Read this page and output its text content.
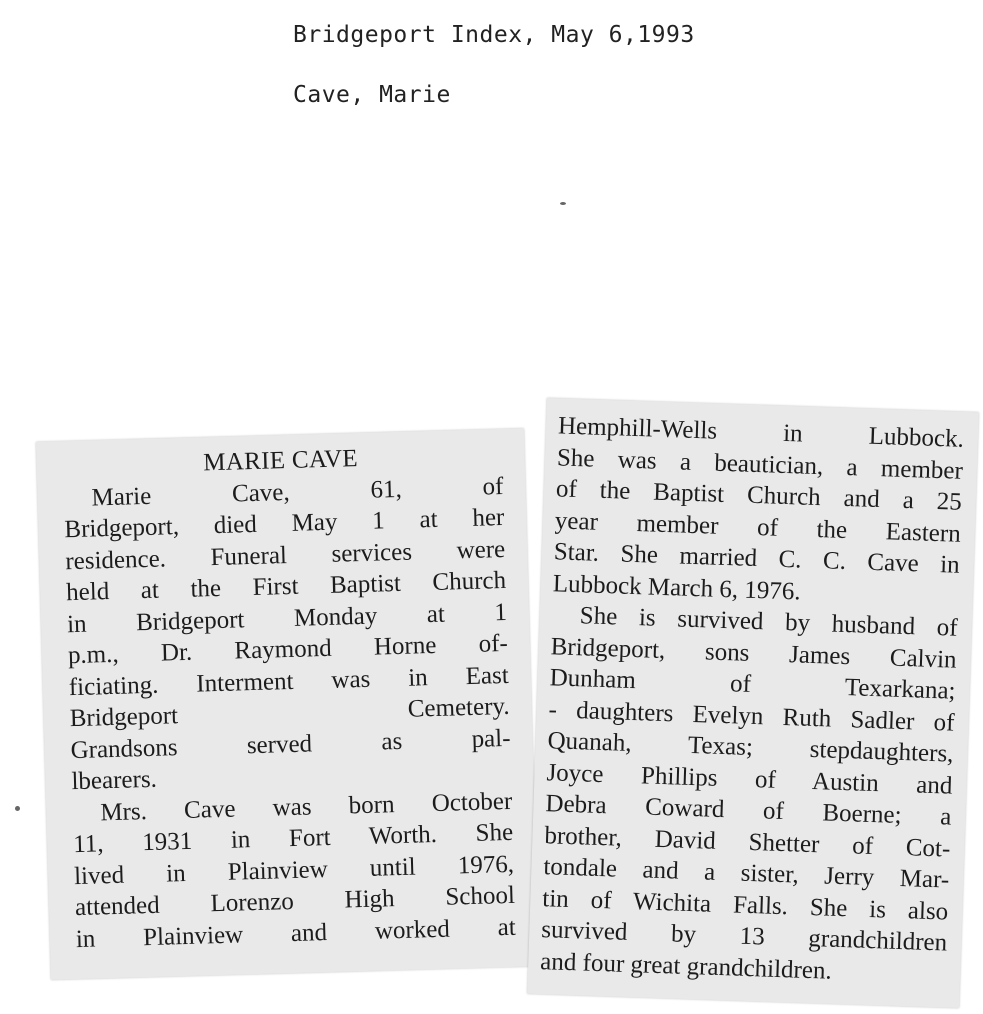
Bridgeport Index, May 6,1993
Cave, Marie
MARIE CAVE
Marie Cave, 61, of
Bridgeport, died May 1 at her
residence. Funeral services were
held at the First Baptist Church
in Bridgeport Monday at 1
p.m., Dr. Raymond Horne of-
ficiating. Interment was in East
Bridgeport Cemetery.
Grandsons served as pal-
lbearers.
Mrs. Cave was born October
11, 1931 in Fort Worth. She
lived in Plainview until 1976,
attended Lorenzo High School
in Plainview and worked at
Hemphill-Wells in Lubbock.
She was a beautician, a member
of the Baptist Church and a 25
year member of the Eastern
Star. She married C. C. Cave in
Lubbock March 6, 1976.
She is survived by husband of
Bridgeport, sons James Calvin
Dunham of Texarkana;
- daughters Evelyn Ruth Sadler of
Quanah, Texas; stepdaughters,
Joyce Phillips of Austin and
Debra Coward of Boerne; a
brother, David Shetter of Cot-
tondale and a sister, Jerry Mar-
tin of Wichita Falls. She is also
survived by 13 grandchildren
and four great grandchildren.
